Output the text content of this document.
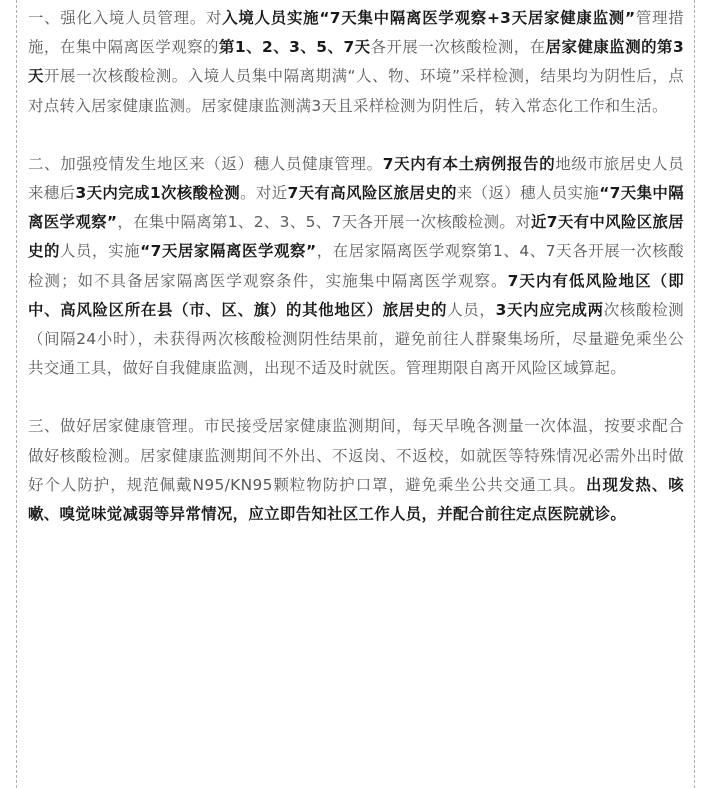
一、强化入境人员管理。对入境人员实施“7天集中隔离医学观察+3天居家健康监测”管理措施，在集中隔离医学观察的第1、2、3、5、7天各开展一次核酸检测，在居家健康监测的第3天开展一次核酸检测。入境人员集中隔离期满“人、物、环境”采样检测，结果均为阴性后，点对点转入居家健康监测。居家健康监测满3天且采样检测为阴性后，转入常态化工作和生活。

二、加强疫情发生地区来（返）穗人员健康管理。7天内有本土病例报告的地级市旅居史人员来穗后3天内完成1次核酸检测。对近7天有高风险区旅居史的来（返）穗人员实施“7天集中隔离医学观察”，在集中隔离第1、2、3、5、7天各开展一次核酸检测。对近7天有中风险区旅居史的人员，实施“7天居家隔离医学观察”，在居家隔离医学观察第1、4、7天各开展一次核酸检测；如不具备居家隔离医学观察条件，实施集中隔离医学观察。7天内有低风险地区（即中、高风险区所在县（市、区、旗）的其他地区）旅居史的人员，3天内应完成两次核酸检测（间隔24小时），未获得两次核酸检测阴性结果前，避免前往人群聚集场所，尽量避免乘坐公共交通工具，做好自我健康监测，出现不适及时就医。管理期限自离开风险区域算起。

三、做好居家健康管理。市民接受居家健康监测期间，每天早晚各测量一次体温，按要求配合做好核酸检测。居家健康监测期间不外出、不返岗、不返校，如就医等特殊情况必需外出时做好个人防护，规范佩戴N95/KN95颗粒物防护口罩，避免乘坐公共交通工具。出现发热、咳嗽、嗅觉味觉减弱等异常情况，应立即告知社区工作人员，并配合前往定点医院就诊。
